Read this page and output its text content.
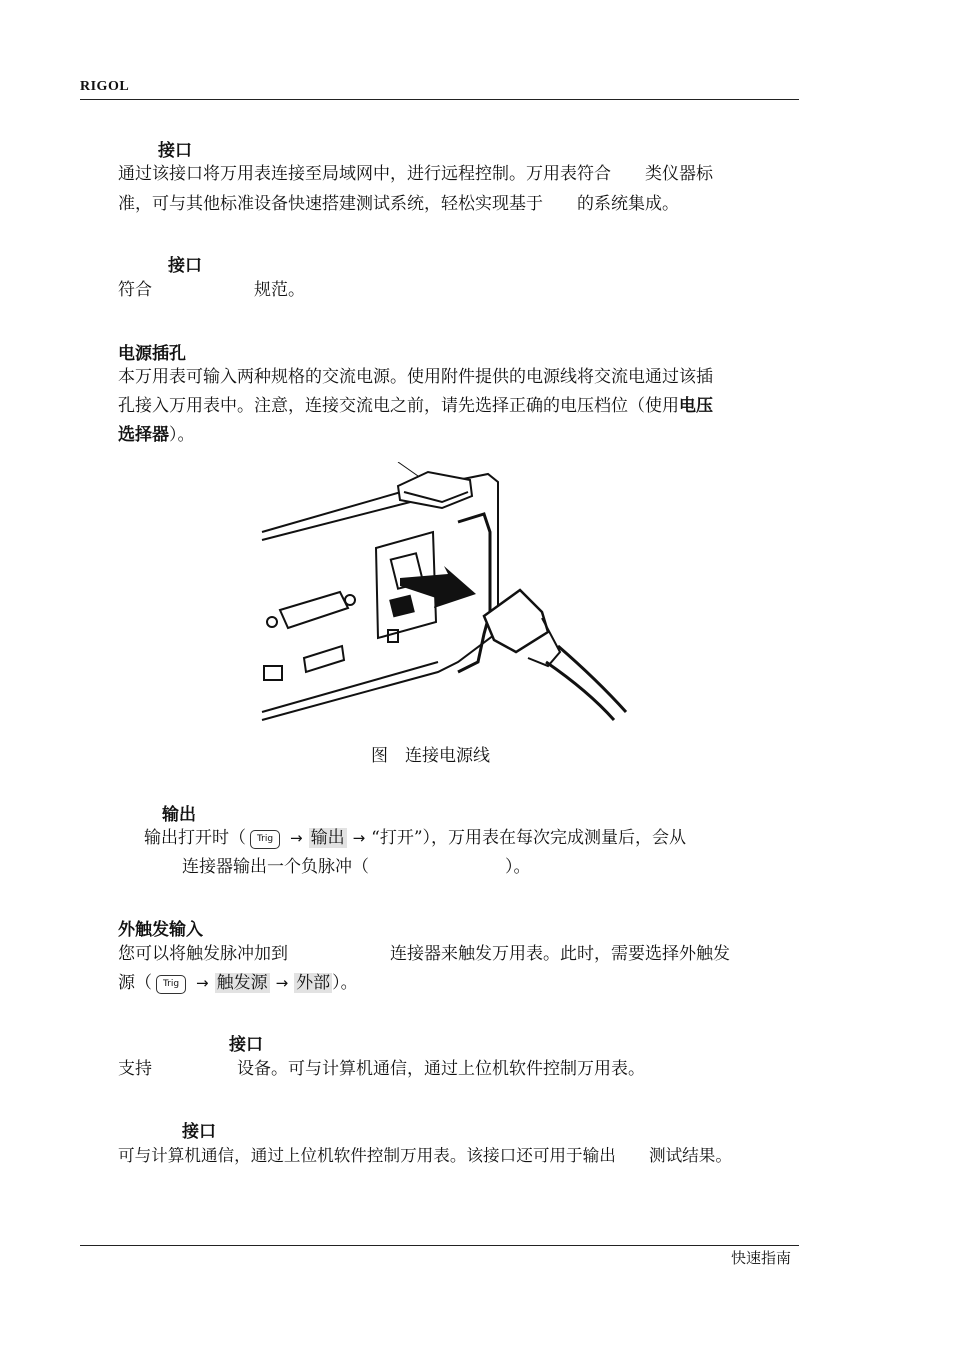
RIGOL
接口
通过该接口将万用表连接至局域网中，进行远程控制。万用表符合　　类仪器标
准，可与其他标准设备快速搭建测试系统，轻松实现基于　　的系统集成。
接口
符合　　　　　　规范。
电源插孔
本万用表可输入两种规格的交流电源。使用附件提供的电源线将交流电通过该插
孔接入万用表中。注意，连接交流电之前，请先选择正确的电压档位（使用电压
选择器）。
图　连接电源线
输出
输出打开时（ Trig → 输出 → “打开”），万用表在每次完成测量后，会从
连接器输出一个负脉冲（　　　　　　　　）。
外触发输入
您可以将触发脉冲加到　　　　　　连接器来触发万用表。此时，需要选择外触发
源（ Trig → 触发源 → 外部 ）。
接口
支持　　　　　设备。可与计算机通信，通过上位机软件控制万用表。
接口
可与计算机通信，通过上位机软件控制万用表。该接口还可用于输出　　测试结果。
快速指南
